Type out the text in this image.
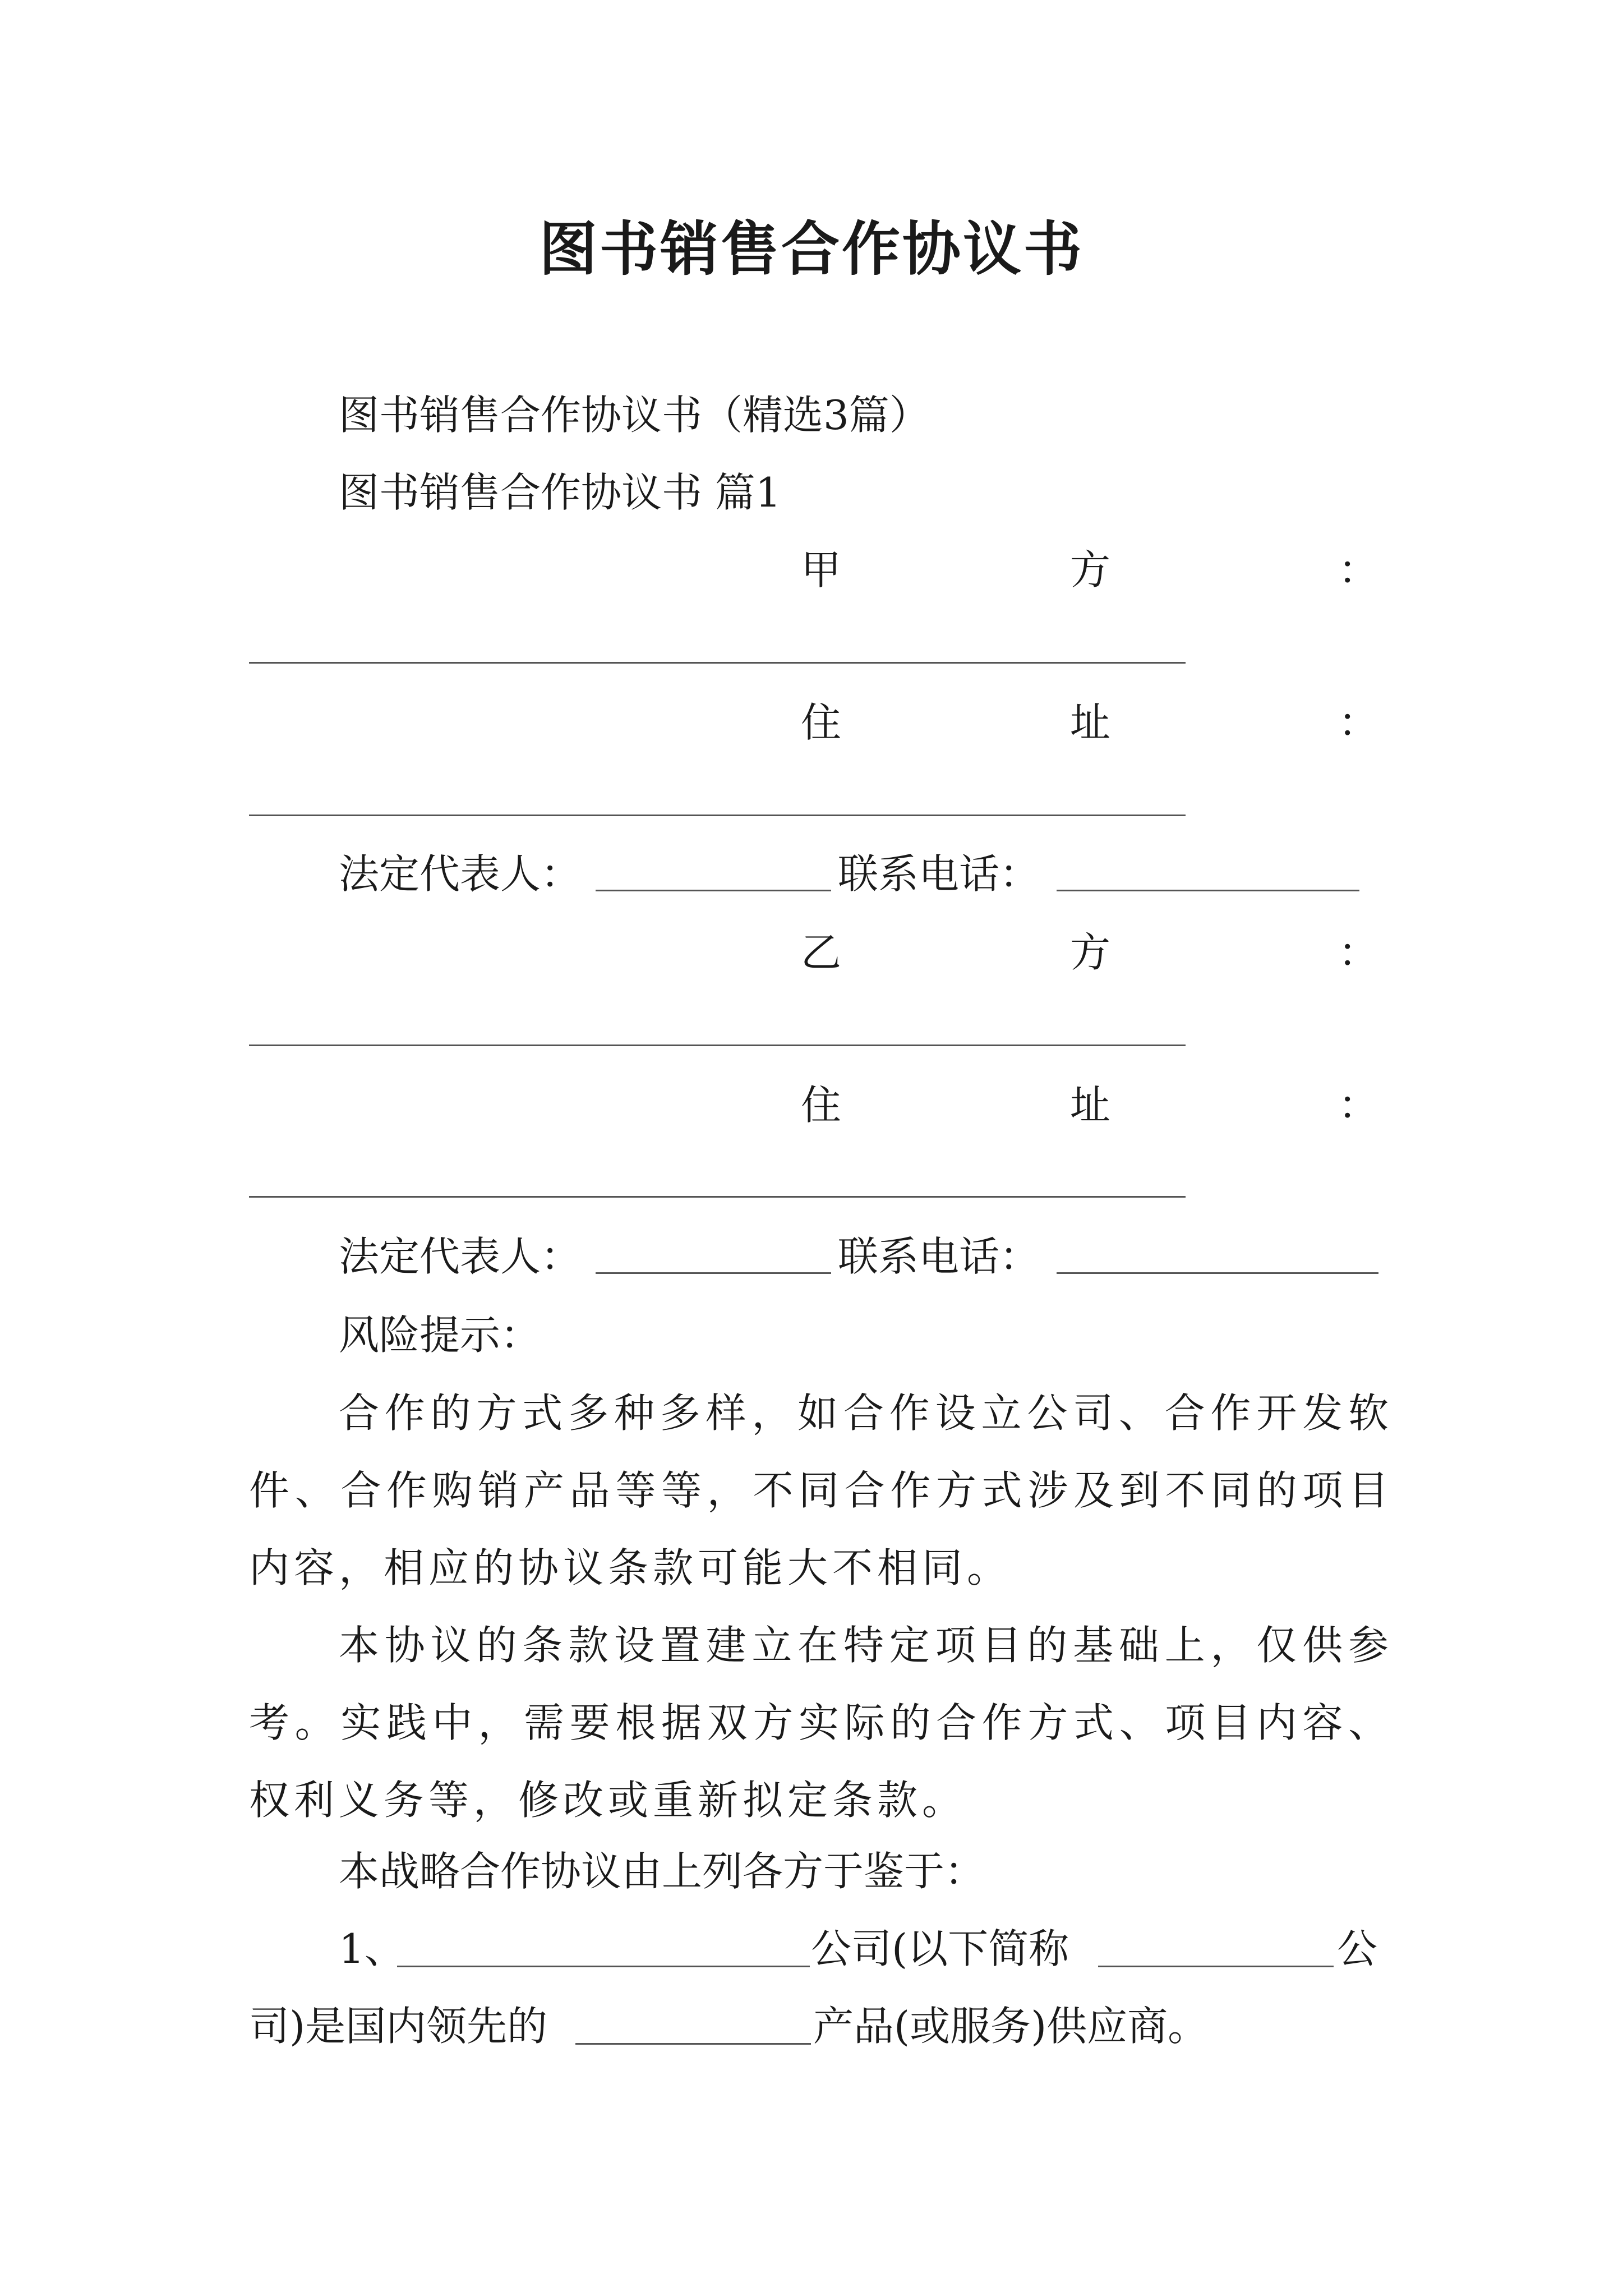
图书销售合作协议书
图书销售合作协议书（精选3篇）
图书销售合作协议书 篇1
甲	方	：
住	址	：
法定代表人：	联系电话：
乙	方	：
住	址	：
法定代表人：	联系电话：
风险提示：

合作的方式多种多样，如合作设立公司、合作开发软件、合作购销产品等等，不同合作方式涉及到不同的项目内容，相应的协议条款可能大不相同。

本协议的条款设置建立在特定项目的基础上，仅供参考。实践中，需要根据双方实际的合作方式、项目内容、权利义务等，修改或重新拟定条款。

本战略合作协议由上列各方于鉴于：
1、	公司(以下简称	公
司)是国内领先的	产品(或服务)供应商。
